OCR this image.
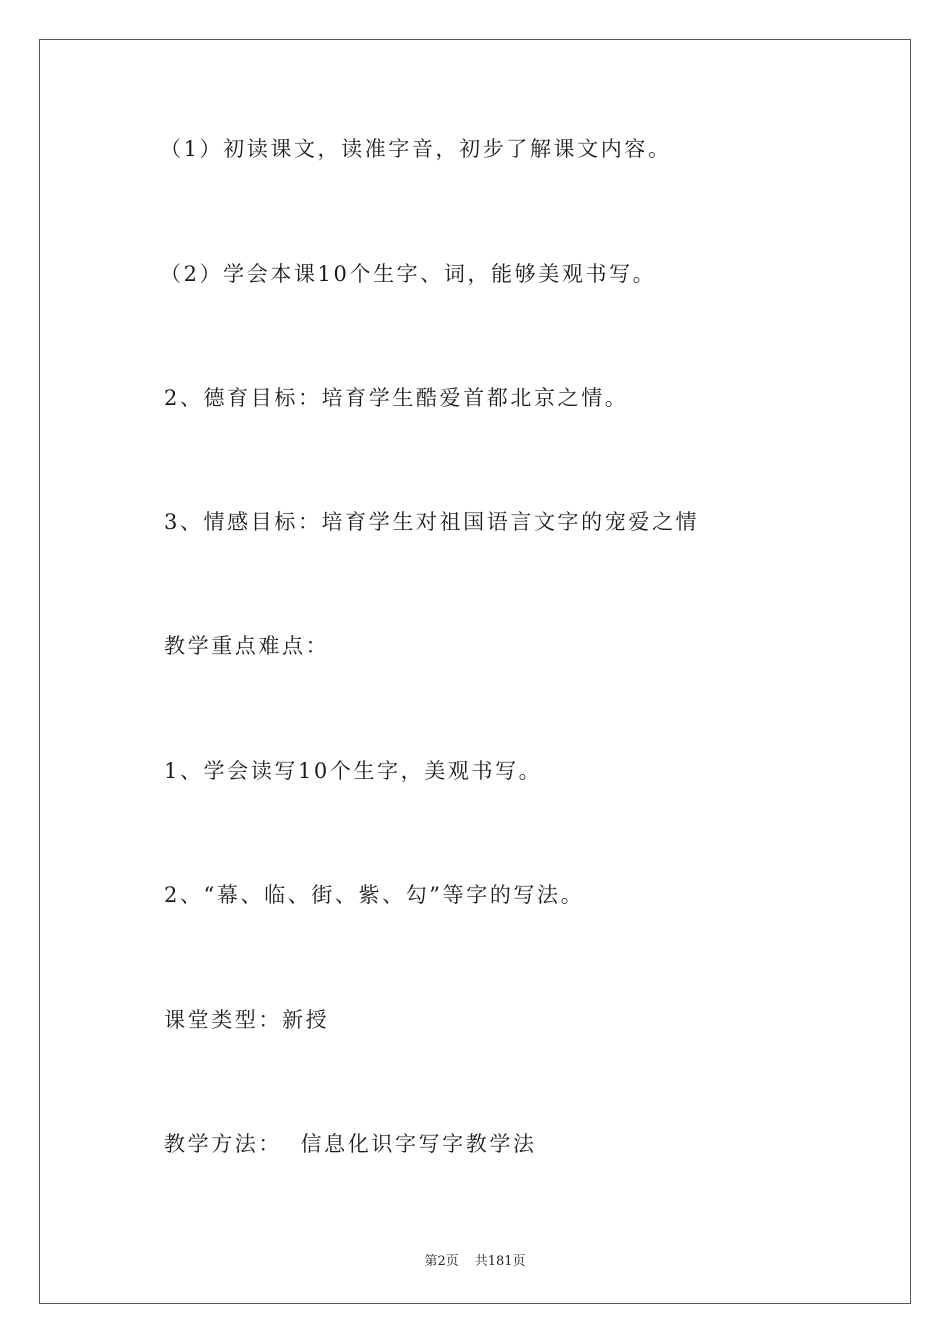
（1）初读课文，读准字音，初步了解课文内容。
（2）学会本课10个生字、词，能够美观书写。
2、德育目标：培育学生酷爱首都北京之情。
3、情感目标：培育学生对祖国语言文字的宠爱之情
教学重点难点：
1、学会读写10个生字，美观书写。
2、“幕、临、街、紫、勾”等字的写法。
课堂类型：新授
教学方法：  信息化识字写字教学法
第2页 共181页
